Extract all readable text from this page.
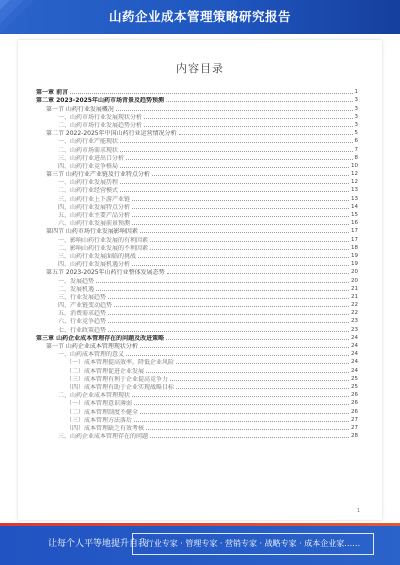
山药企业成本管理策略研究报告
内容目录
第一章 前言	1
第二章 2023-2025年山药市场背景及趋势预测	3
第一节 山药行业发展概况	3
一、山药市场行业发展现状分析	3
二、山药市场行业发展趋势分析	3
第二节 2022-2025年中国山药行业运营情况分析	5
一、山药行业产能现状	6
二、山药市场需求现状	7
三、山药行业进出口分析	8
四、山药行业竞争格局	10
第三节 山药行业产业链及行业特点分析	12
一、山药行业发展历程	12
二、山药行业经营模式	13
三、山药行业上下游产业链	13
四、山药行业发展特点分析	14
五、山药行业主要产品分析	15
六、山药行业发展前景预测	16
第四节 山药市场行业发展影响因素	17
一、影响山药行业发展的有利因素	17
二、影响山药行业发展的不利因素	18
三、山药行业发展面临的挑战	19
四、山药行业发展机遇分析	19
第五节 2023-2025年山药行业整体发展态势	20
一、发展趋势	20
二、发展机遇	21
三、行业发展趋势	21
四、产业链变动趋势	22
五、消费需求趋势	22
六、行业竞争趋势	23
七、行业政策趋势	23
第三章 山药企业成本管理存在的问题及改进策略	24
第一节 山药企业成本管理现状分析	24
一、山药成本管理的意义	24
（一）成本管理提高效率，降低企业风险	24
（二）成本管理促进企业发展	24
（三）成本管理有利于企业提高竞争力	25
（四）成本管理有助于企业实现战略目标	25
二、山药企业成本管理现状	26
（一）成本管理意识薄弱	26
（二）成本管理制度不健全	26
（三）成本管理方法落后	27
（四）成本管理缺乏有效考核	27
三、山药企业成本管理存在的问题	28
1
让每个人平等地提升自我
行业专家 · 管理专家 · 营销专家 · 战略专家 · 成本企业家……
